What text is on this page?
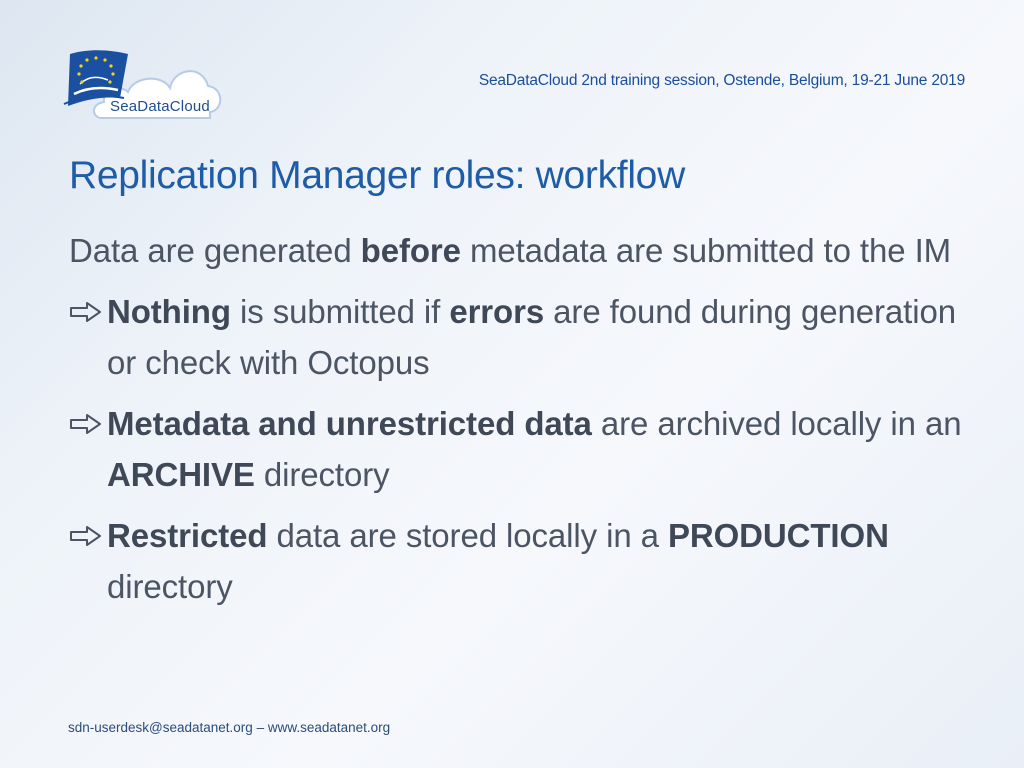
SeaDataCloud
SeaDataCloud 2nd training session, Ostende, Belgium, 19-21 June 2019
Replication Manager roles: workflow
Data are generated before metadata are submitted to the IM
Nothing is submitted if errors are found during generation or check with Octopus
Metadata and unrestricted data are archived locally in an ARCHIVE directory
Restricted data are stored locally in a PRODUCTION directory
sdn-userdesk@seadatanet.org – www.seadatanet.org
